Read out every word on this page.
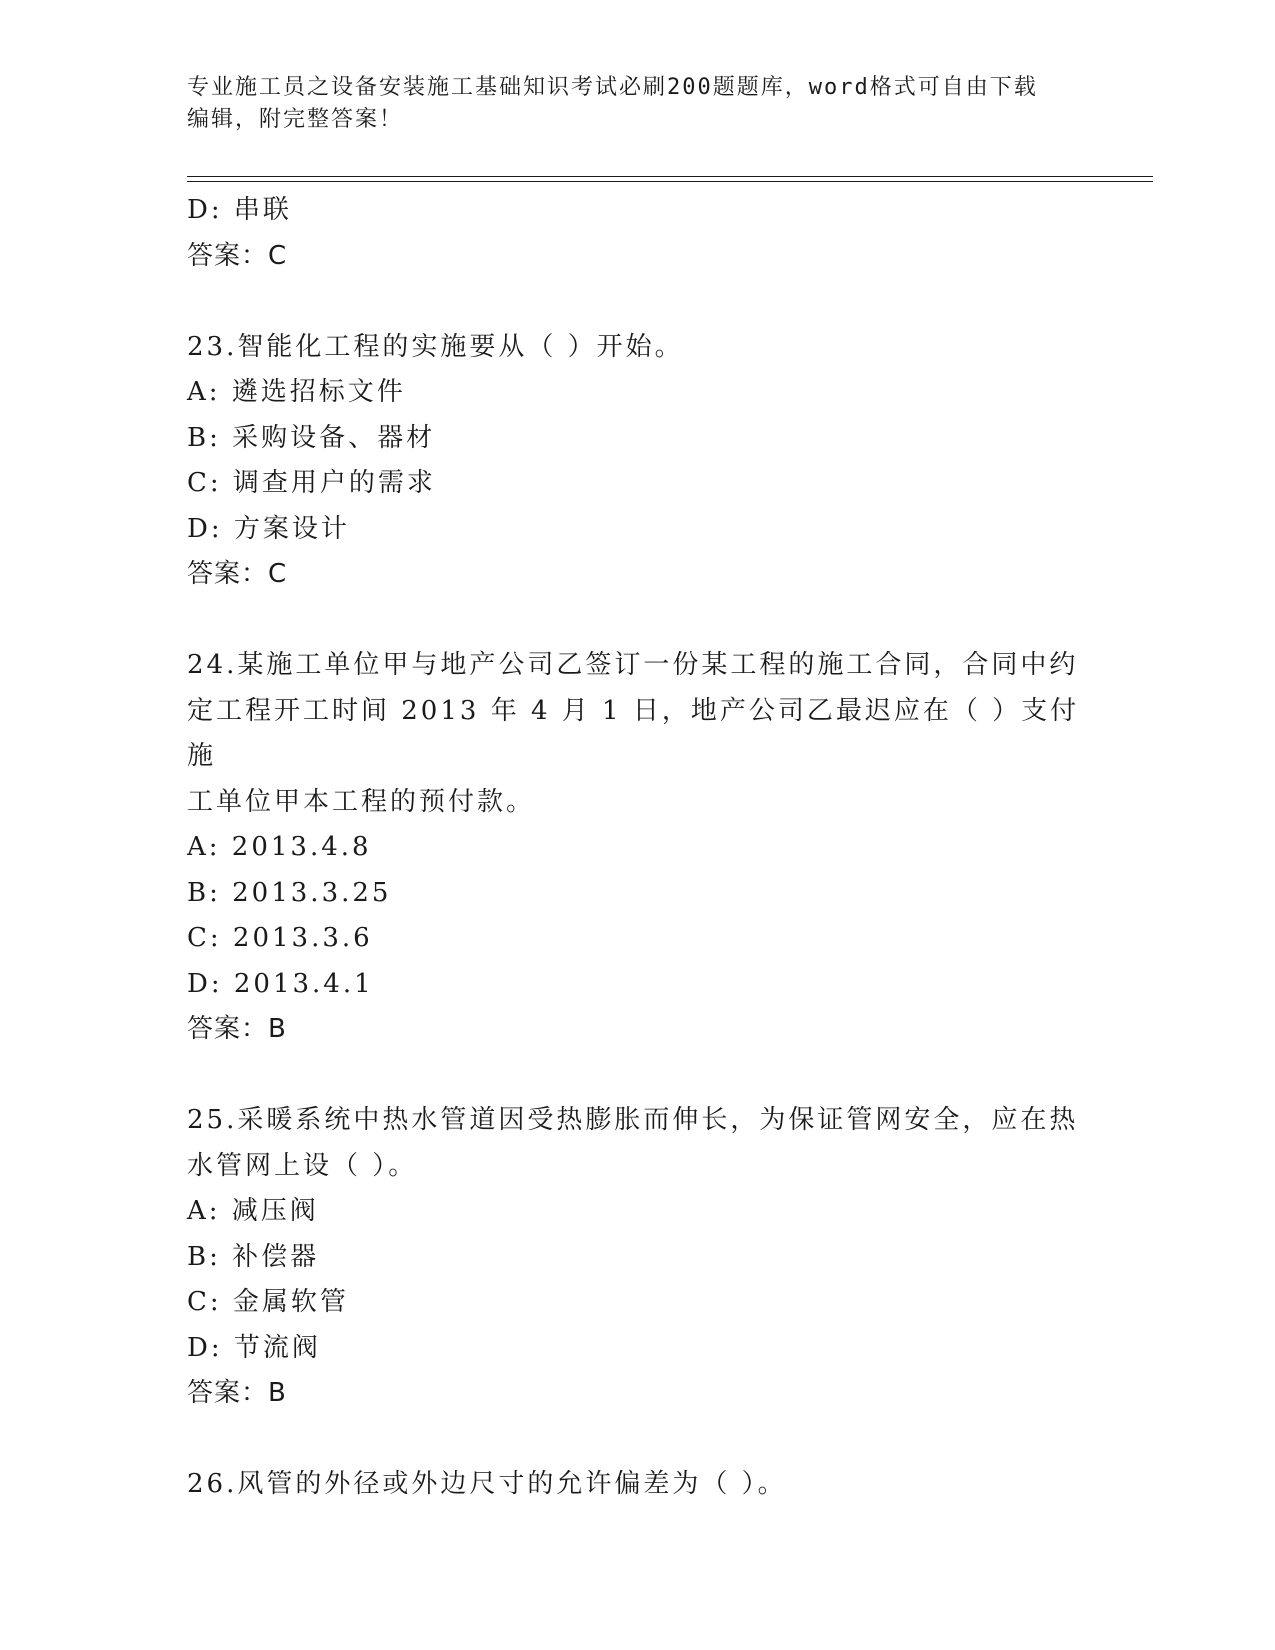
专业施工员之设备安装施工基础知识考试必刷200题题库，word格式可自由下载
编辑，附完整答案！
D: 串联
答案：C
23.智能化工程的实施要从（ ）开始。
A: 遴选招标文件
B: 采购设备、器材
C: 调查用户的需求
D: 方案设计
答案：C
24.某施工单位甲与地产公司乙签订一份某工程的施工合同，合同中约
定工程开工时间 2013 年 4 月 1 日，地产公司乙最迟应在（ ）支付施
工单位甲本工程的预付款。
A: 2013.4.8
B: 2013.3.25
C: 2013.3.6
D: 2013.4.1
答案：B
25.采暖系统中热水管道因受热膨胀而伸长，为保证管网安全，应在热
水管网上设（ ）。
A: 减压阀
B: 补偿器
C: 金属软管
D: 节流阀
答案：B
26.风管的外径或外边尺寸的允许偏差为（ ）。
